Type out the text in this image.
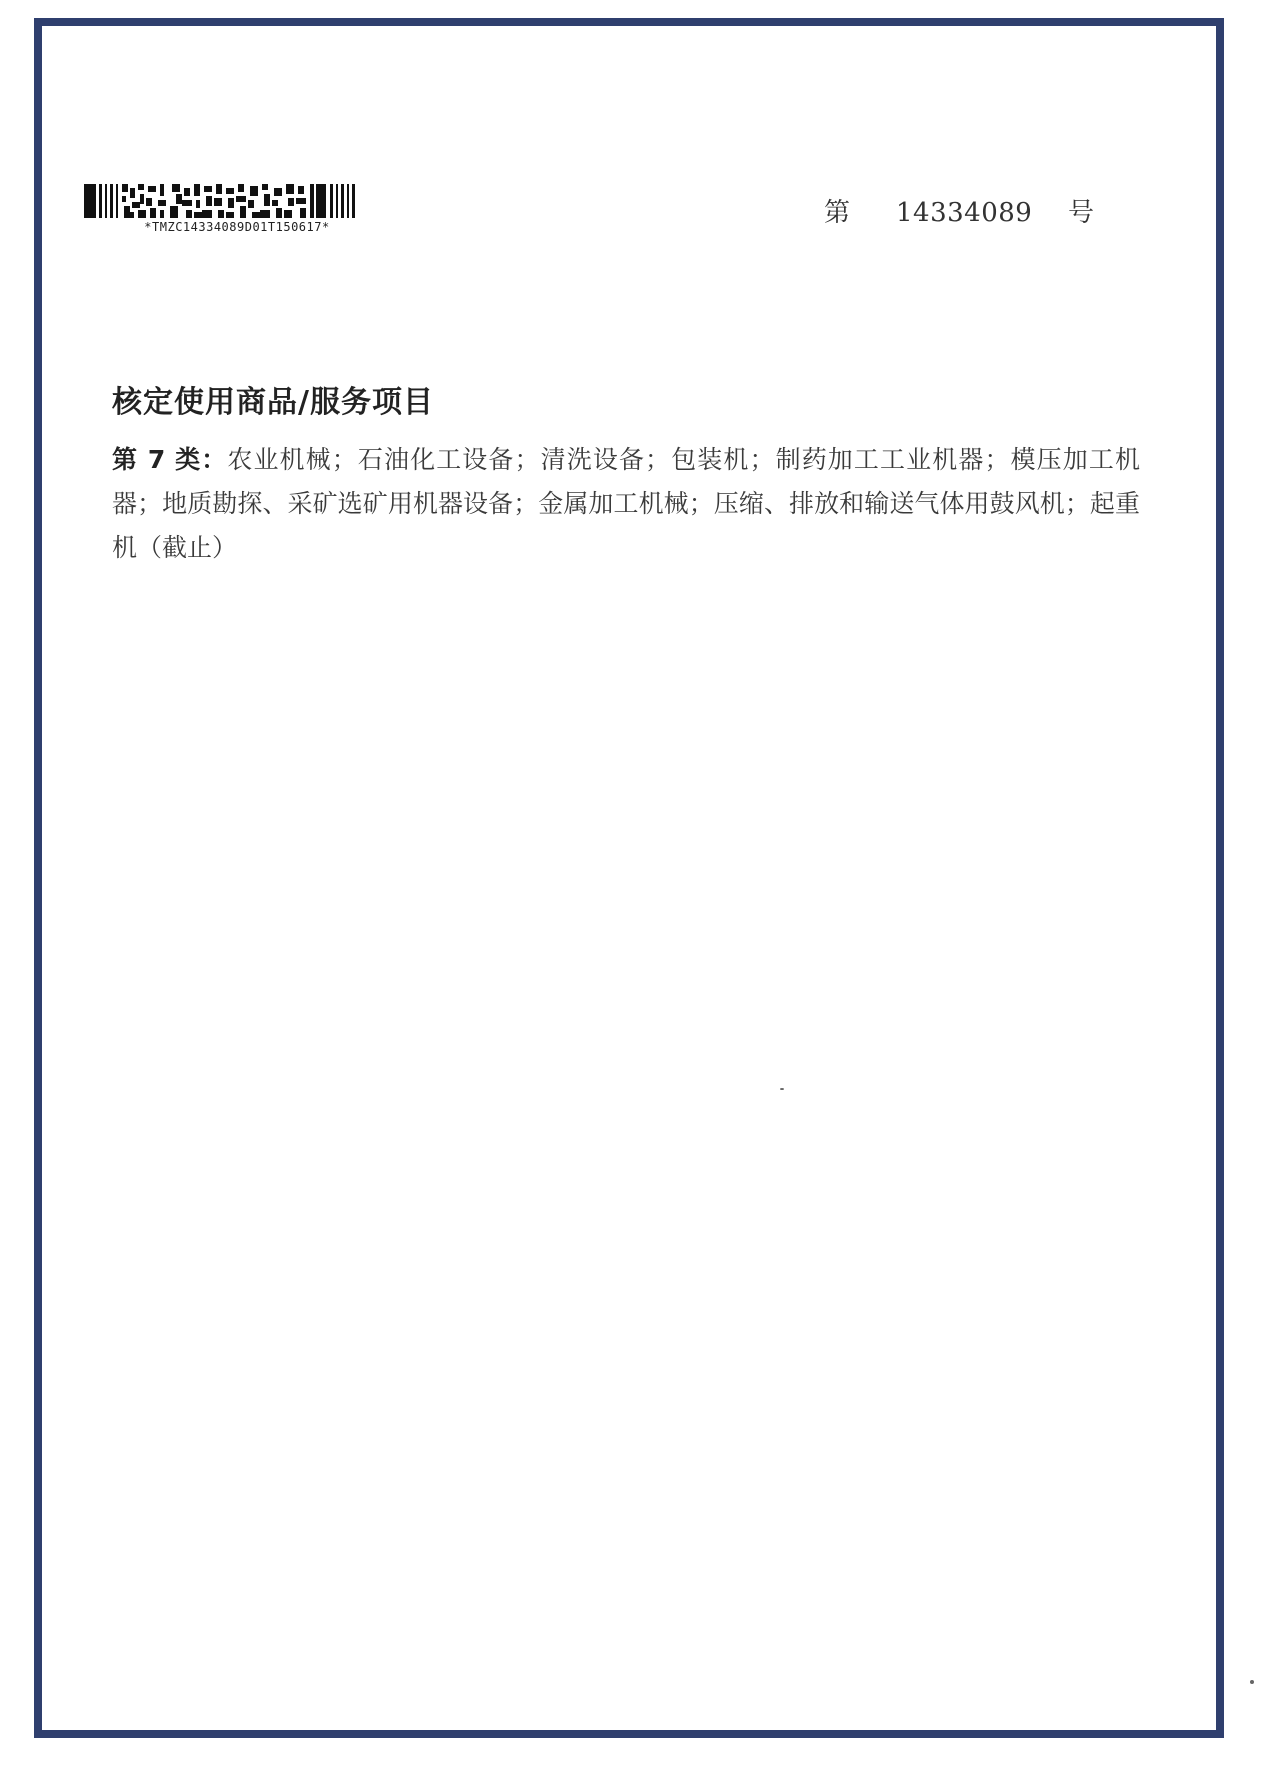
*TMZC14334089D01T150617*	第 14334089 号
核定使用商品/服务项目
第 7 类：农业机械；石油化工设备；清洗设备；包装机；制药加工工业机器；模压加工机器；地质勘探、采矿选矿用机器设备；金属加工机械；压缩、排放和输送气体用鼓风机；起重机（截止）
